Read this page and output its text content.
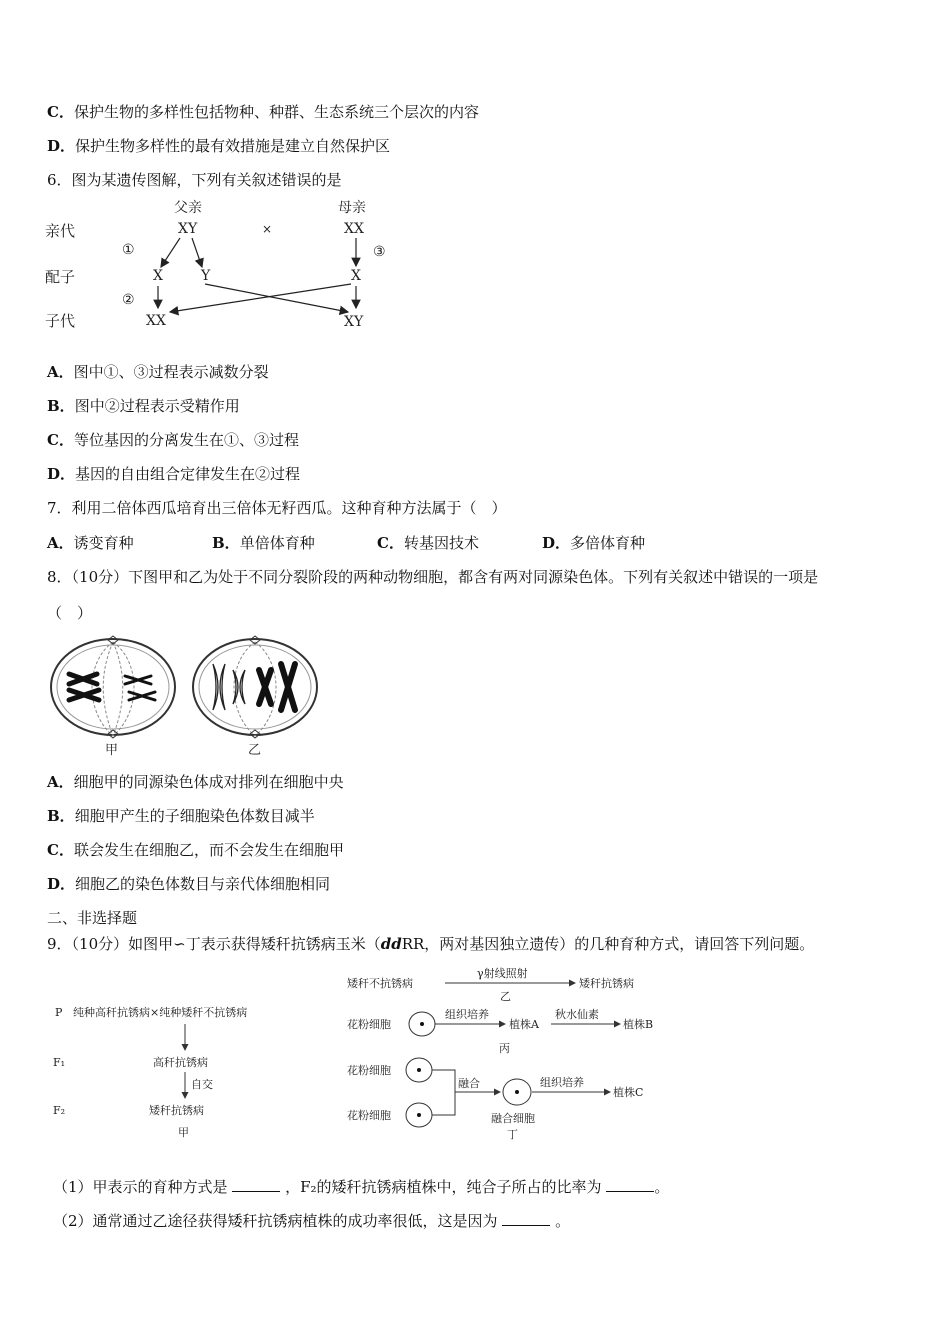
C．保护生物的多样性包括物种、种群、生态系统三个层次的内容
D．保护生物多样性的最有效措施是建立自然保护区
6．图为某遗传图解，下列有关叙述错误的是
亲代
配子
子代
父亲	母亲
XY	×	XX
①	③
②
X	Y	X
XX	XY
A．图中①、③过程表示减数分裂
B．图中②过程表示受精作用
C．等位基因的分离发生在①、③过程
D．基因的自由组合定律发生在②过程
7．利用二倍体西瓜培育出三倍体无籽西瓜。这种育种方法属于（　）
A．诱变育种	B．单倍体育种	C．转基因技术	D．多倍体育种
8．（10分）下图甲和乙为处于不同分裂阶段的两种动物细胞，都含有两对同源染色体。下列有关叙述中错误的一项是
（　）
甲	乙
A．细胞甲的同源染色体成对排列在细胞中央
B．细胞甲产生的子细胞染色体数目减半
C．联会发生在细胞乙，而不会发生在细胞甲
D．细胞乙的染色体数目与亲代体细胞相同
二、非选择题
9．（10分）如图甲∽丁表示获得矮秆抗锈病玉米（ddRR，两对基因独立遗传）的几种育种方式，请回答下列问题。
P 纯种高秆抗锈病×纯种矮秆不抗锈病
F₁	高秆抗锈病
自交
F₂	矮秆抗锈病
甲
矮秆不抗锈病
γ射线照射
矮秆抗锈病
乙
花粉细胞
组织培养
植株A
秋水仙素
植株B
丙
花粉细胞
花粉细胞
融合
融合细胞
丁
组织培养
植株C
（1）甲表示的育种方式是	，F₂的矮秆抗锈病植株中，纯合子所占的比率为	。
（2）通常通过乙途径获得矮秆抗锈病植株的成功率很低，这是因为	。
